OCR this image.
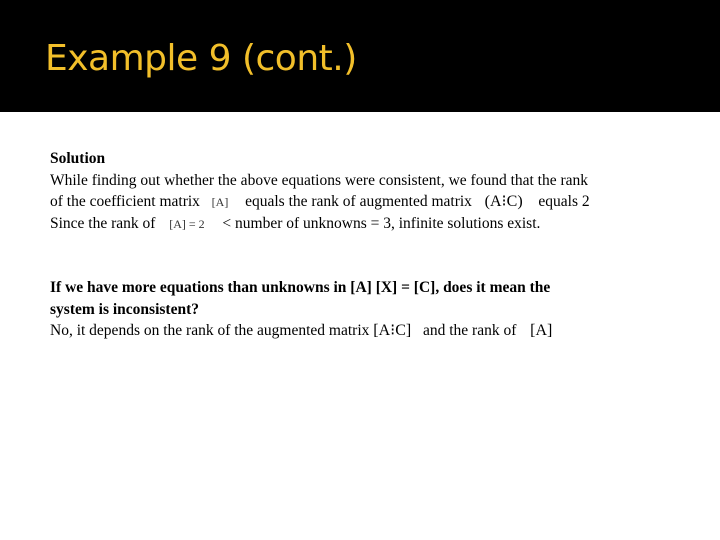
Example 9 (cont.)
Solution
While finding out whether the above equations were consistent, we found that the rank
of the coefficient matrix [A] equals the rank of augmented matrix (A⁝C) equals 2
Since the rank of [A] = 2 < number of unknowns = 3, infinite solutions exist.
If we have more equations than unknowns in [A] [X] = [C], does it mean the
system is inconsistent?
No, it depends on the rank of the augmented matrix [A⁝C] and the rank of [A]
